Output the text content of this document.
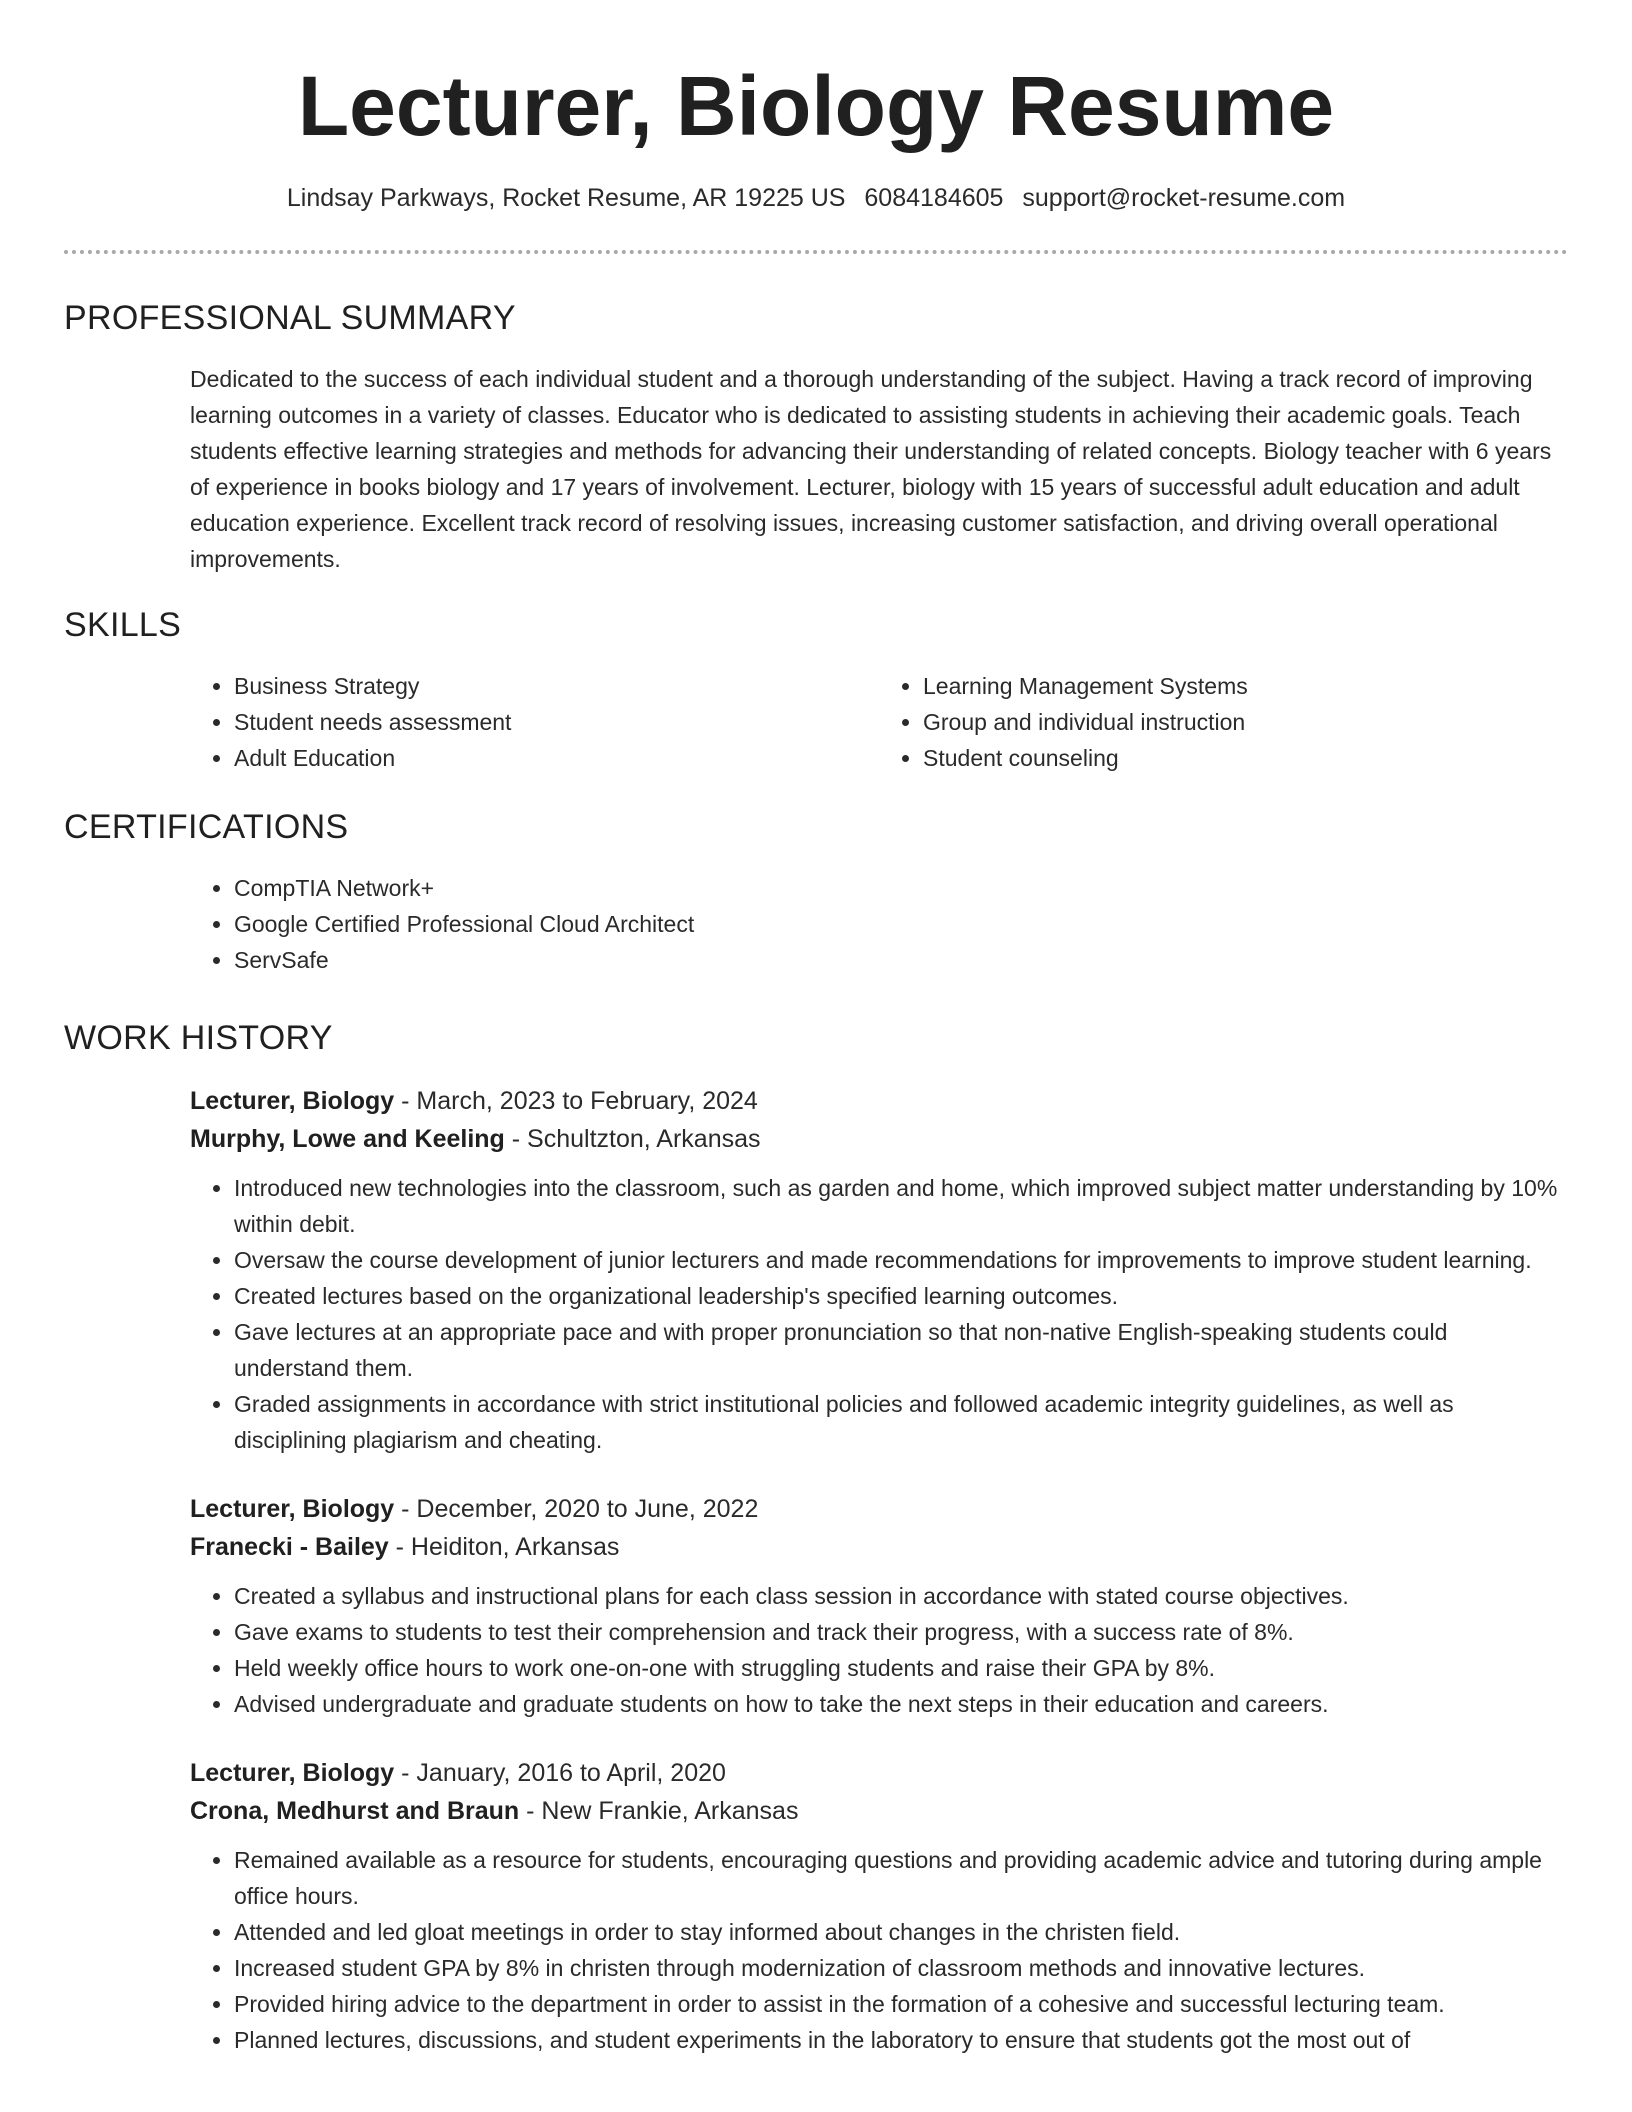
Lecturer, Biology Resume
Lindsay Parkways, Rocket Resume, AR 19225 US 6084184605 support@rocket-resume.com
PROFESSIONAL SUMMARY

Dedicated to the success of each individual student and a thorough understanding of the subject. Having a track record of improving learning outcomes in a variety of classes. Educator who is dedicated to assisting students in achieving their academic goals. Teach students effective learning strategies and methods for advancing their understanding of related concepts. Biology teacher with 6 years of experience in books biology and 17 years of involvement. Lecturer, biology with 15 years of successful adult education and adult education experience. Excellent track record of resolving issues, increasing customer satisfaction, and driving overall operational improvements.

SKILLS
• Business Strategy
• Student needs assessment
• Adult Education
• Learning Management Systems
• Group and individual instruction
• Student counseling
CERTIFICATIONS
• CompTIA Network+
• Google Certified Professional Cloud Architect
• ServSafe
WORK HISTORY
Lecturer, Biology - March, 2023 to February, 2024
Murphy, Lowe and Keeling - Schultzton, Arkansas
• Introduced new technologies into the classroom, such as garden and home, which improved subject matter understanding by 10% within debit.
• Oversaw the course development of junior lecturers and made recommendations for improvements to improve student learning.
• Created lectures based on the organizational leadership's specified learning outcomes.
• Gave lectures at an appropriate pace and with proper pronunciation so that non-native English-speaking students could understand them.
• Graded assignments in accordance with strict institutional policies and followed academic integrity guidelines, as well as disciplining plagiarism and cheating.
Lecturer, Biology - December, 2020 to June, 2022
Franecki - Bailey - Heiditon, Arkansas
• Created a syllabus and instructional plans for each class session in accordance with stated course objectives.
• Gave exams to students to test their comprehension and track their progress, with a success rate of 8%.
• Held weekly office hours to work one-on-one with struggling students and raise their GPA by 8%.
• Advised undergraduate and graduate students on how to take the next steps in their education and careers.
Lecturer, Biology - January, 2016 to April, 2020
Crona, Medhurst and Braun - New Frankie, Arkansas
• Remained available as a resource for students, encouraging questions and providing academic advice and tutoring during ample office hours.
• Attended and led gloat meetings in order to stay informed about changes in the christen field.
• Increased student GPA by 8% in christen through modernization of classroom methods and innovative lectures.
• Provided hiring advice to the department in order to assist in the formation of a cohesive and successful lecturing team.
• Planned lectures, discussions, and student experiments in the laboratory to ensure that students got the most out of
